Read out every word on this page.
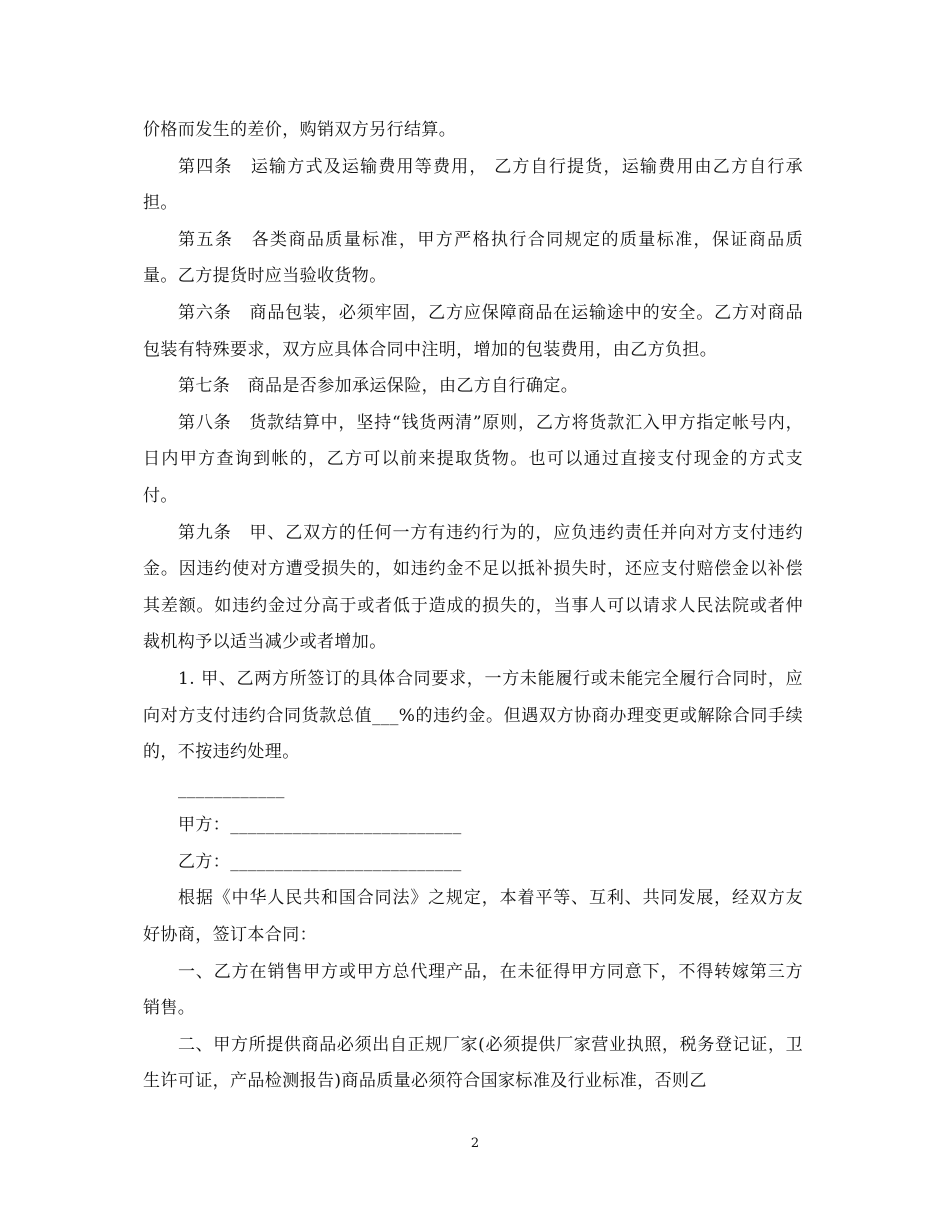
价格而发生的差价，购销双方另行结算。

第四条　运输方式及运输费用等费用， 乙方自行提货，运输费用由乙方自行承担。

第五条　各类商品质量标准，甲方严格执行合同规定的质量标准，保证商品质量。乙方提货时应当验收货物。

第六条　商品包装，必须牢固，乙方应保障商品在运输途中的安全。乙方对商品包装有特殊要求，双方应具体合同中注明，增加的包装费用，由乙方负担。

第七条　商品是否参加承运保险，由乙方自行确定。

第八条　货款结算中，坚持“钱货两清”原则，乙方将货款汇入甲方指定帐号内， 日内甲方查询到帐的，乙方可以前来提取货物。也可以通过直接支付现金的方式支付。

第九条　甲、乙双方的任何一方有违约行为的，应负违约责任并向对方支付违约金。因违约使对方遭受损失的，如违约金不足以抵补损失时，还应支付赔偿金以补偿其差额。如违约金过分高于或者低于造成的损失的，当事人可以请求人民法院或者仲裁机构予以适当减少或者增加。

1. 甲、乙两方所签订的具体合同要求，一方未能履行或未能完全履行合同时，应向对方支付违约合同货款总值___%的违约金。但遇双方协商办理变更或解除合同手续的，不按违约处理。

____________

甲方：__________________________

乙方：__________________________

根据《中华人民共和国合同法》之规定，本着平等、互利、共同发展，经双方友好协商，签订本合同：

一、乙方在销售甲方或甲方总代理产品，在未征得甲方同意下，不得转嫁第三方销售。

二、甲方所提供商品必须出自正规厂家(必须提供厂家营业执照，税务登记证，卫生许可证，产品检测报告)商品质量必须符合国家标准及行业标准，否则乙

2
